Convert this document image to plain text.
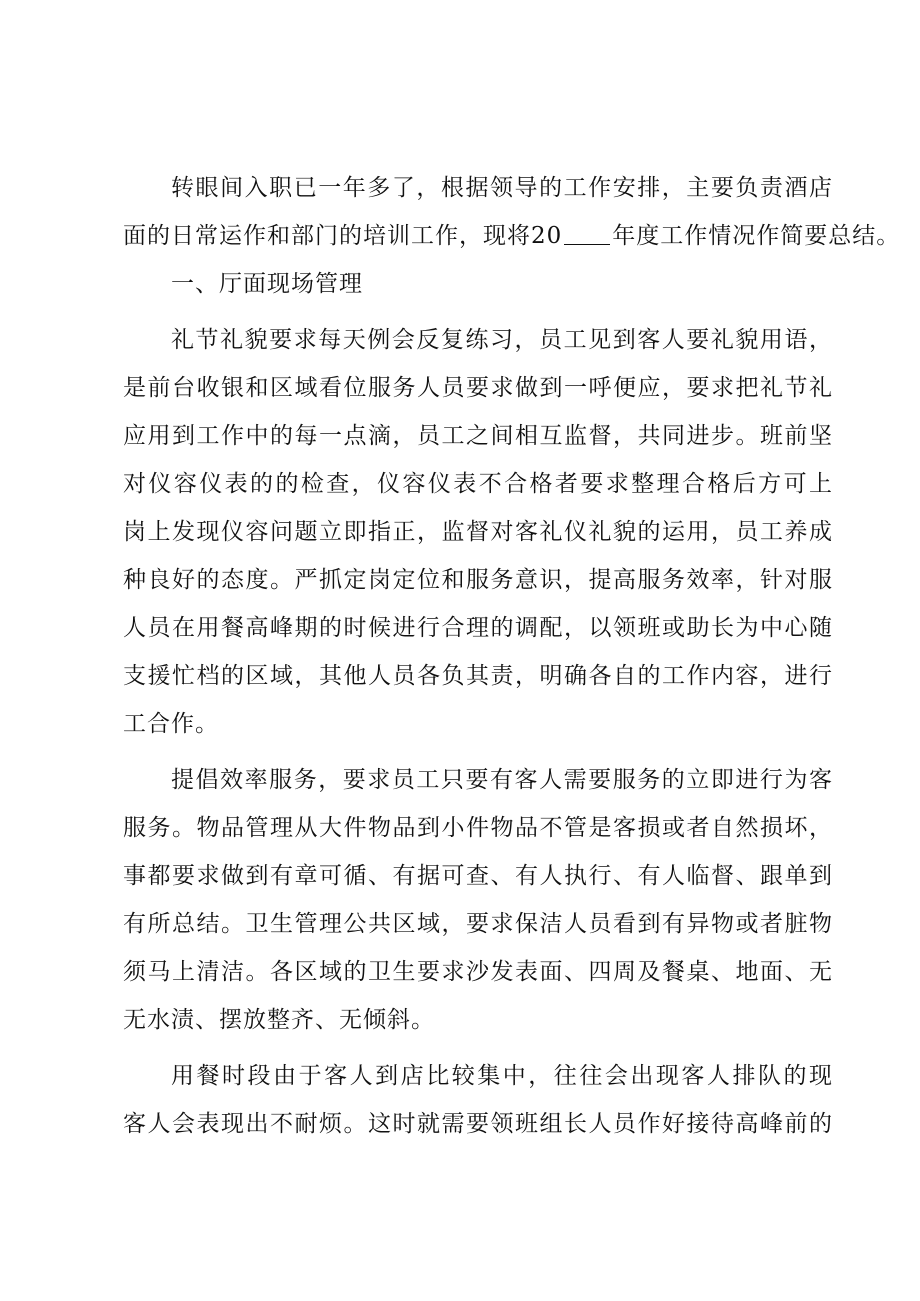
转眼间入职已一年多了，根据领导的工作安排，主要负责酒店
面的日常运作和部门的培训工作，现将20 年度工作情况作简要总结。
一、厅面现场管理
礼节礼貌要求每天例会反复练习，员工见到客人要礼貌用语，
是前台收银和区域看位服务人员要求做到一呼便应，要求把礼节礼
应用到工作中的每一点滴，员工之间相互监督，共同进步。班前坚
对仪容仪表的的检查，仪容仪表不合格者要求整理合格后方可上
岗上发现仪容问题立即指正，监督对客礼仪礼貌的运用，员工养成
种良好的态度。严抓定岗定位和服务意识，提高服务效率，针对服
人员在用餐高峰期的时候进行合理的调配，以领班或助长为中心随
支援忙档的区域，其他人员各负其责，明确各自的工作内容，进行
工合作。
提倡效率服务，要求员工只要有客人需要服务的立即进行为客
服务。物品管理从大件物品到小件物品不管是客损或者自然损坏，
事都要求做到有章可循、有据可查、有人执行、有人临督、跟单到
有所总结。卫生管理公共区域，要求保洁人员看到有异物或者脏物
须马上清洁。各区域的卫生要求沙发表面、四周及餐桌、地面、无
无水渍、摆放整齐、无倾斜。
用餐时段由于客人到店比较集中，往往会出现客人排队的现
客人会表现出不耐烦。这时就需要领班组长人员作好接待高峰前的
